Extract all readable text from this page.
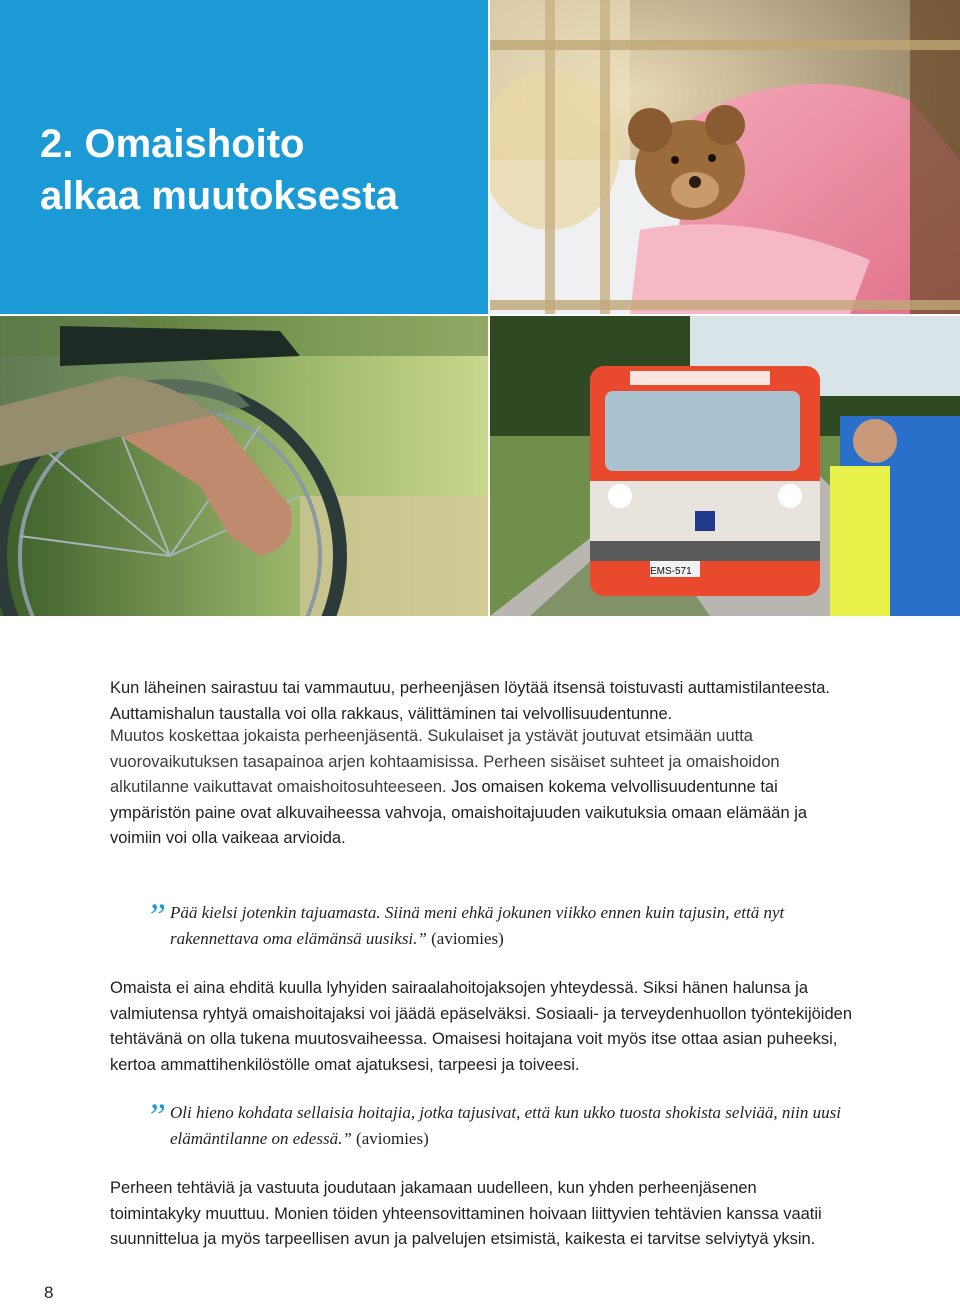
2. Omaishoito
alkaa muutoksesta
EMS-571

Kun läheinen sairastuu tai vammautuu, perheenjäsen löytää itsensä toistuvasti auttamistilanteesta. Auttamishalun taustalla voi olla rakkaus, välittäminen tai velvollisuudentunne.

Muutos koskettaa jokaista perheenjäsentä. Sukulaiset ja ystävät joutuvat etsimään uutta vuorovaikutuksen tasapainoa arjen kohtaamisissa. Perheen sisäiset suhteet ja omaishoidon alkutilanne vaikuttavat omaishoitosuhteeseen. Jos omaisen kokema velvollisuudentunne tai ympäristön paine ovat alkuvaiheessa vahvoja, omaishoitajuuden vaikutuksia omaan elämään ja voimiin voi olla vaikeaa arvioida.

” Pää kielsi jotenkin tajuamasta. Siinä meni ehkä jokunen viikko ennen kuin tajusin, että nyt rakennettava oma elämänsä uusiksi.” (aviomies)

Omaista ei aina ehditä kuulla lyhyiden sairaalahoitojaksojen yhteydessä. Siksi hänen halunsa ja valmiutensa ryhtyä omaishoitajaksi voi jäädä epäselväksi. Sosiaali- ja terveydenhuollon työntekijöiden tehtävänä on olla tukena muutosvaiheessa. Omaisesi hoitajana voit myös itse ottaa asian puheeksi, kertoa ammattihenkilöstölle omat ajatuksesi, tarpeesi ja toiveesi.

” Oli hieno kohdata sellaisia hoitajia, jotka tajusivat, että kun ukko tuosta shokista selviää, niin uusi elämäntilanne on edessä.” (aviomies)

Perheen tehtäviä ja vastuuta joudutaan jakamaan uudelleen, kun yhden perheenjäsenen toimintakyky muuttuu. Monien töiden yhteensovittaminen hoivaan liittyvien tehtävien kanssa vaatii suunnittelua ja myös tarpeellisen avun ja palvelujen etsimistä, kaikesta ei tarvitse selviytyä yksin.

8
